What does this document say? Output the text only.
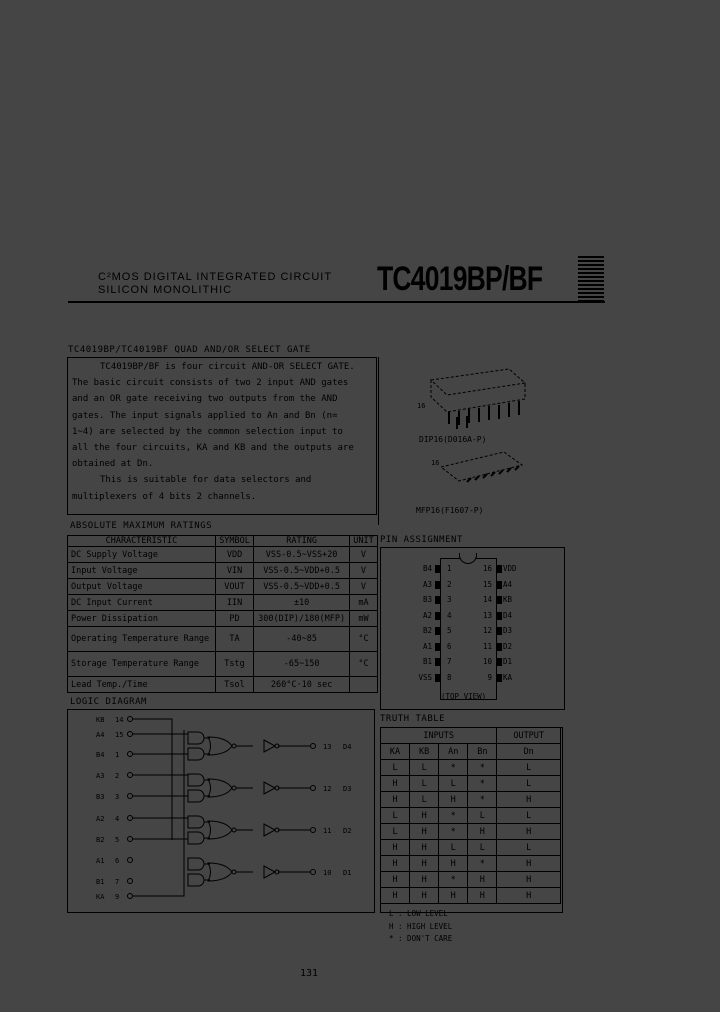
C²MOS DIGITAL INTEGRATED CIRCUIT
SILICON MONOLITHIC	TC4019BP/BF
TC4019BP/TC4019BF QUAD AND/OR SELECT GATE

TC4019BP/BF is four circuit AND-OR SELECT GATE.

The basic circuit consists of two 2 input AND gates

and an OR gate receiving two outputs from the AND

gates. The input signals applied to An and Bn (n=

1~4) are selected by the common selection input to

all the four circuits, KA and KB and the outputs are

obtained at Dn.

This is suitable for data selectors and

multiplexers of 4 bits 2 channels.

16
16
DIP16(D016A-P)
MFP16(F1607-P)
ABSOLUTE MAXIMUM RATINGS
CHARACTERISTIC	SYMBOL	RATING	UNIT
DC Supply Voltage	VDD	VSS-0.5~VSS+20	V
Input Voltage	VIN	VSS-0.5~VDD+0.5	V
Output Voltage	VOUT	VSS-0.5~VDD+0.5	V
DC Input Current	IIN	±10	mA
Power Dissipation	PD	300(DIP)/180(MFP)	mW
Operating Temperature Range	TA	-40~85	°C
Storage Temperature Range	Tstg	-65~150	°C
Lead Temp./Time	Tsol	260°C·10 sec	
PIN ASSIGNMENT
B4 1	16 VDD
A3 2	15 A4
B3 3	14 KB
A2 4	13 D4
B2 5	12 D3
A1 6	11 D2
B1 7	10 D1
VSS 8	9 KA
(TOP VIEW)
LOGIC DIAGRAM
KB 14
A4 15
B4 1
A3 2
B3 3
A2 4
B2 5
A1 6
B1 7
KA 9
13 D4
12 D3
11 D2
10 D1
TRUTH TABLE
INPUTS				OUTPUT
KA	KB	An	Bn	Dn
L	L	*	*	L
H	L	L	*	L
H	L	H	*	H
L	H	*	L	L
L	H	*	H	H
H	H	L	L	L
H	H	H	*	H
H	H	*	H	H
H	H	H	H	H
L : LOW LEVEL
H : HIGH LEVEL
* : DON'T CARE
131
